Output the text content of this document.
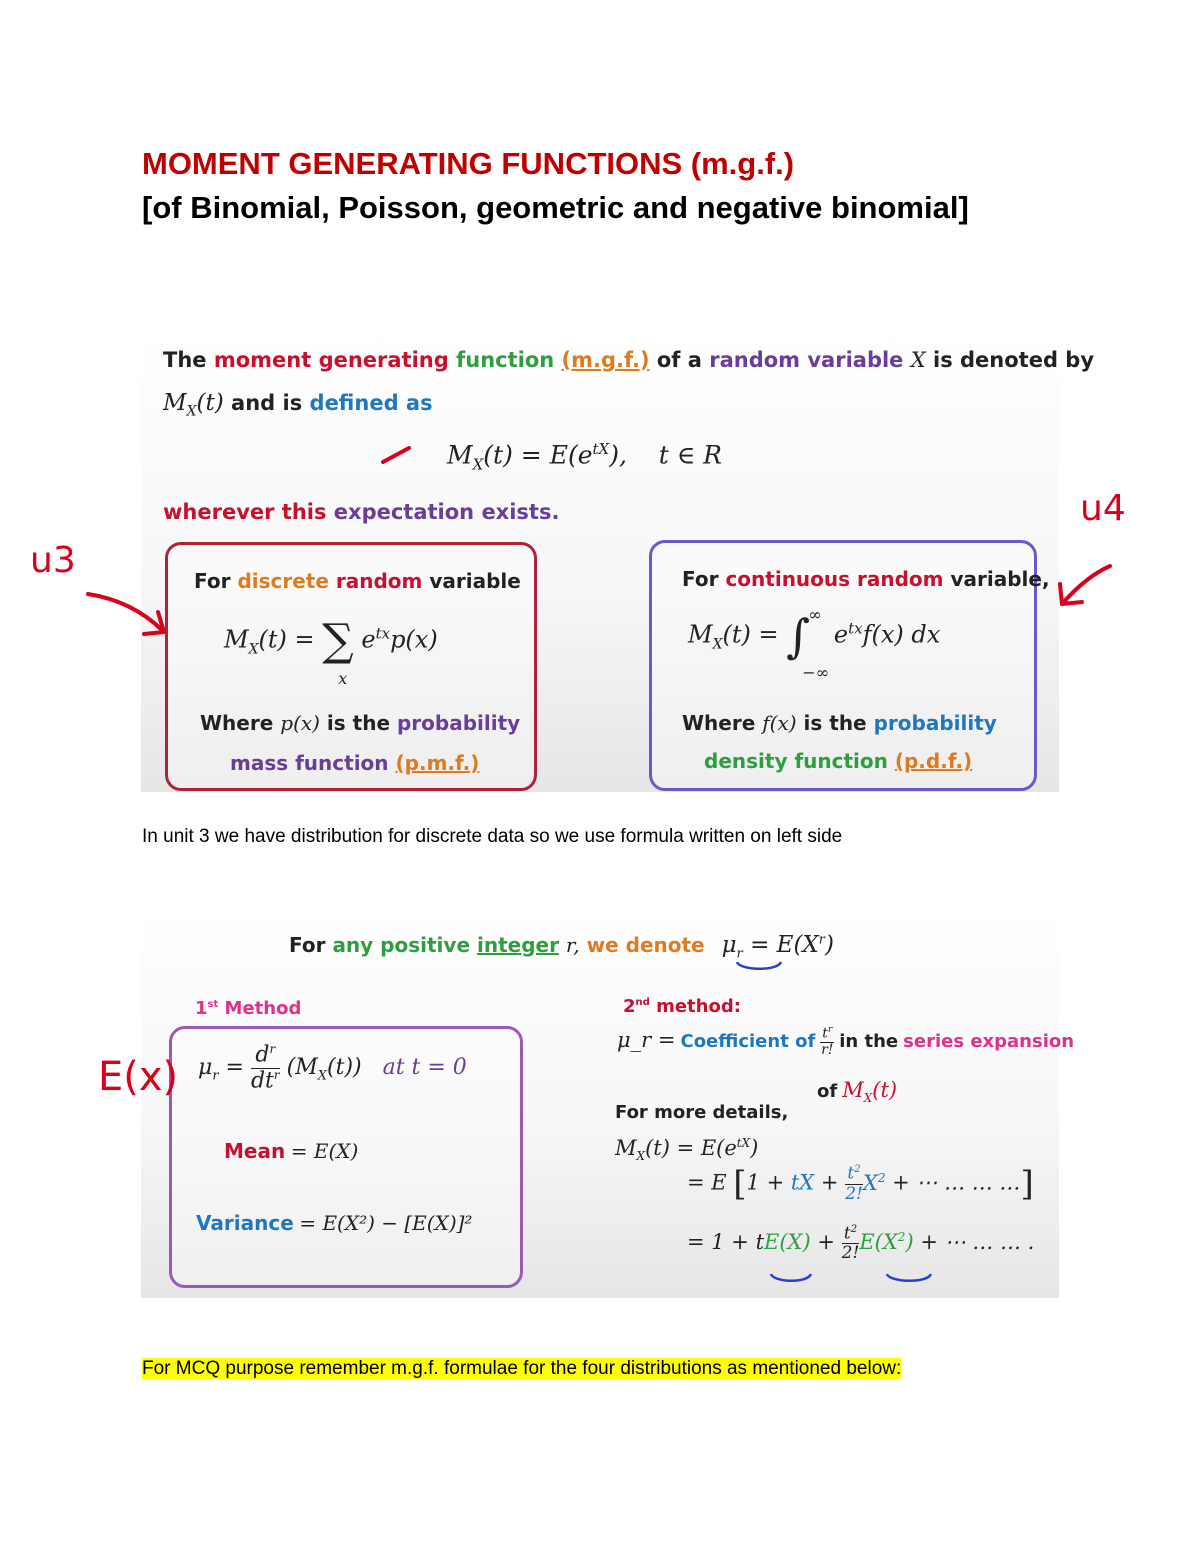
MOMENT GENERATING FUNCTIONS (m.g.f.)
[of Binomial, Poisson, geometric and negative binomial]
The moment generating function (m.g.f.) of a random variable X is denoted by
$M_X(t)$ and is defined as
$M_X(t) = E(e^{tX})$,    t ∈ R
wherever this expectation exists.
For discrete random variable
$M_X(t)$ = ∑
x
$e^{tx}p(x)$
Where p(x) is the probability
mass function (p.m.f.)
For continuous random variable,
$M_X(t)$ = ∫
∞
−∞
$e^{tx}f(x)$ dx
Where f(x) is the probability
density function (p.d.f.)
u3
u4
In unit 3 we have distribution for discrete data so we use formula written on left side
For any positive integer r, we denote $\mu_r = E(X^r)$
1st Method
$\mu_r = \frac{d^r}{dt^r} (M_X(t))$   at t = 0
Mean = E(X)
Variance = E(X²) − [E(X)]²
2nd method:
μ_r = Coefficient of $\frac{t^r}{r!}$ in the series expansion
of $M_X(t)$
For more details,
$M_X(t) = E(e^{tX})$
= E [1 + tX + $\frac{t^2}{2!} X^2$ + ⋯ … … …]
= $1 + tE(X) + \frac{t^2}{2!} E(X^2)$ + ⋯ … … .
E(x)
For MCQ purpose remember m.g.f. formulae for the four distributions as mentioned below:
